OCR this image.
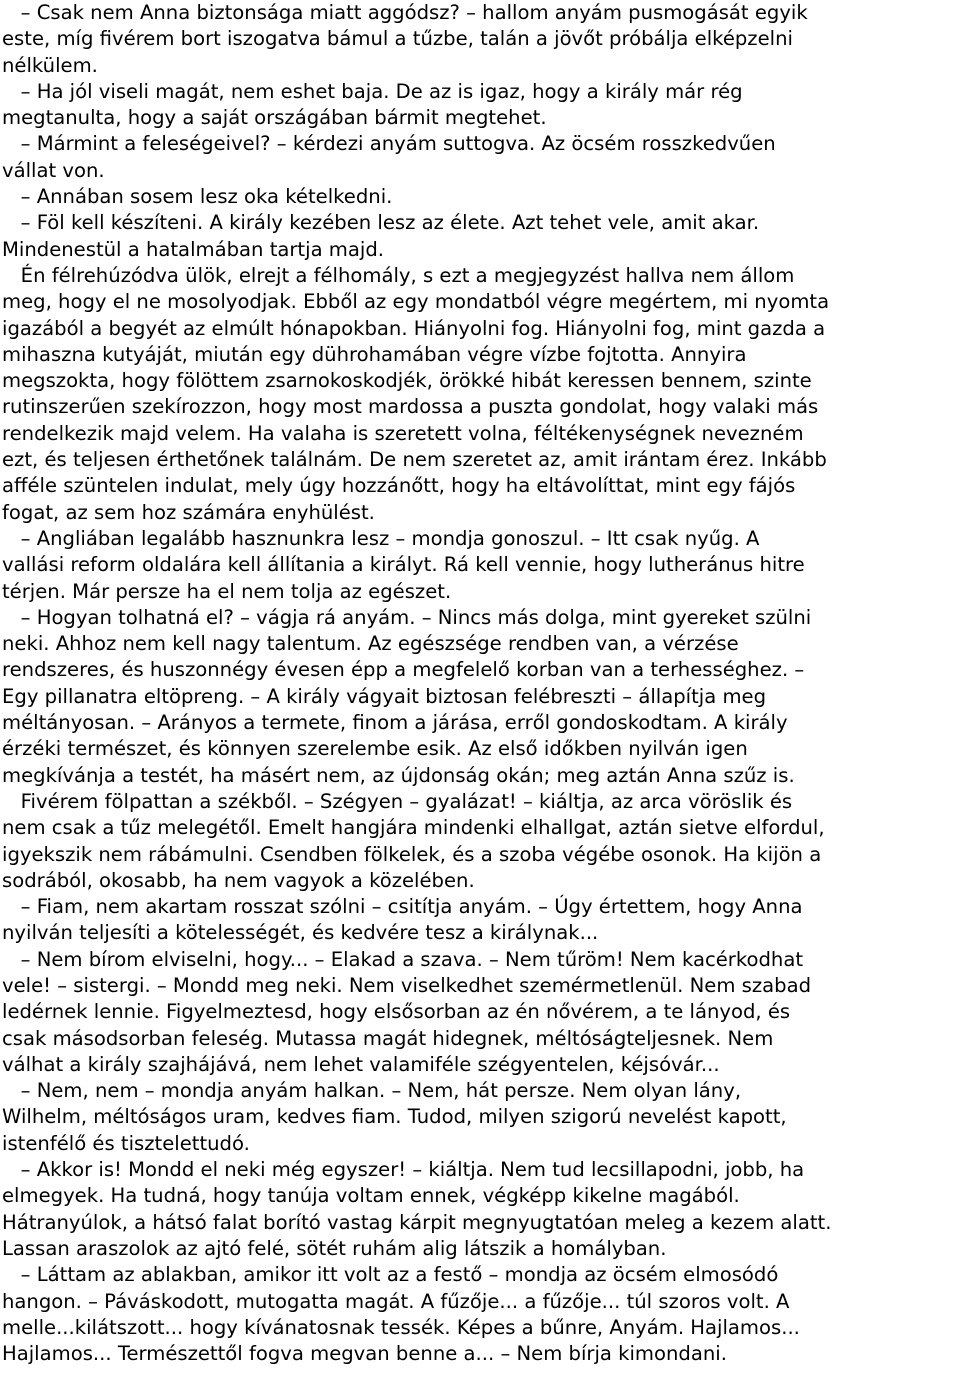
– Csak nem Anna biztonsága miatt aggódsz? – hallom anyám pusmogását egyik
este, míg fivérem bort iszogatva bámul a tűzbe, talán a jövőt próbálja elképzelni
nélkülem.
– Ha jól viseli magát, nem eshet baja. De az is igaz, hogy a király már rég
megtanulta, hogy a saját országában bármit megtehet.
– Mármint a feleségeivel? – kérdezi anyám suttogva. Az öcsém rosszkedvűen
vállat von.
– Annában sosem lesz oka kételkedni.
– Föl kell készíteni. A király kezében lesz az élete. Azt tehet vele, amit akar.
Mindenestül a hatalmában tartja majd.
Én félrehúzódva ülök, elrejt a félhomály, s ezt a megjegyzést hallva nem állom
meg, hogy el ne mosolyodjak. Ebből az egy mondatból végre megértem, mi nyomta
igazából a begyét az elmúlt hónapokban. Hiányolni fog. Hiányolni fog, mint gazda a
mihaszna kutyáját, miután egy dührohamában végre vízbe fojtotta. Annyira
megszokta, hogy fölöttem zsarnokoskodjék, örökké hibát keressen bennem, szinte
rutinszerűen szekírozzon, hogy most mardossa a puszta gondolat, hogy valaki más
rendelkezik majd velem. Ha valaha is szeretett volna, féltékenységnek nevezném
ezt, és teljesen érthetőnek találnám. De nem szeretet az, amit irántam érez. Inkább
afféle szüntelen indulat, mely úgy hozzánőtt, hogy ha eltávolíttat, mint egy fájós
fogat, az sem hoz számára enyhülést.
– Angliában legalább hasznunkra lesz – mondja gonoszul. – Itt csak nyűg. A
vallási reform oldalára kell állítania a királyt. Rá kell vennie, hogy lutheránus hitre
térjen. Már persze ha el nem tolja az egészet.
– Hogyan tolhatná el? – vágja rá anyám. – Nincs más dolga, mint gyereket szülni
neki. Ahhoz nem kell nagy talentum. Az egészsége rendben van, a vérzése
rendszeres, és huszonnégy évesen épp a megfelelő korban van a terhességhez. –
Egy pillanatra eltöpreng. – A király vágyait biztosan felébreszti – állapítja meg
méltányosan. – Arányos a termete, finom a járása, erről gondoskodtam. A király
érzéki természet, és könnyen szerelembe esik. Az első időkben nyilván igen
megkívánja a testét, ha másért nem, az újdonság okán; meg aztán Anna szűz is.
Fivérem fölpattan a székből. – Szégyen – gyalázat! – kiáltja, az arca vöröslik és
nem csak a tűz melegétől. Emelt hangjára mindenki elhallgat, aztán sietve elfordul,
igyekszik nem rábámulni. Csendben fölkelek, és a szoba végébe osonok. Ha kijön a
sodrából, okosabb, ha nem vagyok a közelében.
– Fiam, nem akartam rosszat szólni – csitítja anyám. – Úgy értettem, hogy Anna
nyilván teljesíti a kötelességét, és kedvére tesz a királynak...
– Nem bírom elviselni, hogy... – Elakad a szava. – Nem tűröm! Nem kacérkodhat
vele! – sistergi. – Mondd meg neki. Nem viselkedhet szemérmetlenül. Nem szabad
ledérnek lennie. Figyelmeztesd, hogy elsősorban az én nővérem, a te lányod, és
csak másodsorban feleség. Mutassa magát hidegnek, méltóságteljesnek. Nem
válhat a király szajhájává, nem lehet valamiféle szégyentelen, kéjsóvár...
– Nem, nem – mondja anyám halkan. – Nem, hát persze. Nem olyan lány,
Wilhelm, méltóságos uram, kedves fiam. Tudod, milyen szigorú nevelést kapott,
istenfélő és tisztelettudó.
– Akkor is! Mondd el neki még egyszer! – kiáltja. Nem tud lecsillapodni, jobb, ha
elmegyek. Ha tudná, hogy tanúja voltam ennek, végképp kikelne magából.
Hátranyúlok, a hátsó falat borító vastag kárpit megnyugtatóan meleg a kezem alatt.
Lassan araszolok az ajtó felé, sötét ruhám alig látszik a homályban.
– Láttam az ablakban, amikor itt volt az a festő – mondja az öcsém elmosódó
hangon. – Páváskodott, mutogatta magát. A fűzője... a fűzője... túl szoros volt. A
melle...kilátszott... hogy kívánatosnak tessék. Képes a bűnre, Anyám. Hajlamos...
Hajlamos... Természettől fogva megvan benne a... – Nem bírja kimondani.
